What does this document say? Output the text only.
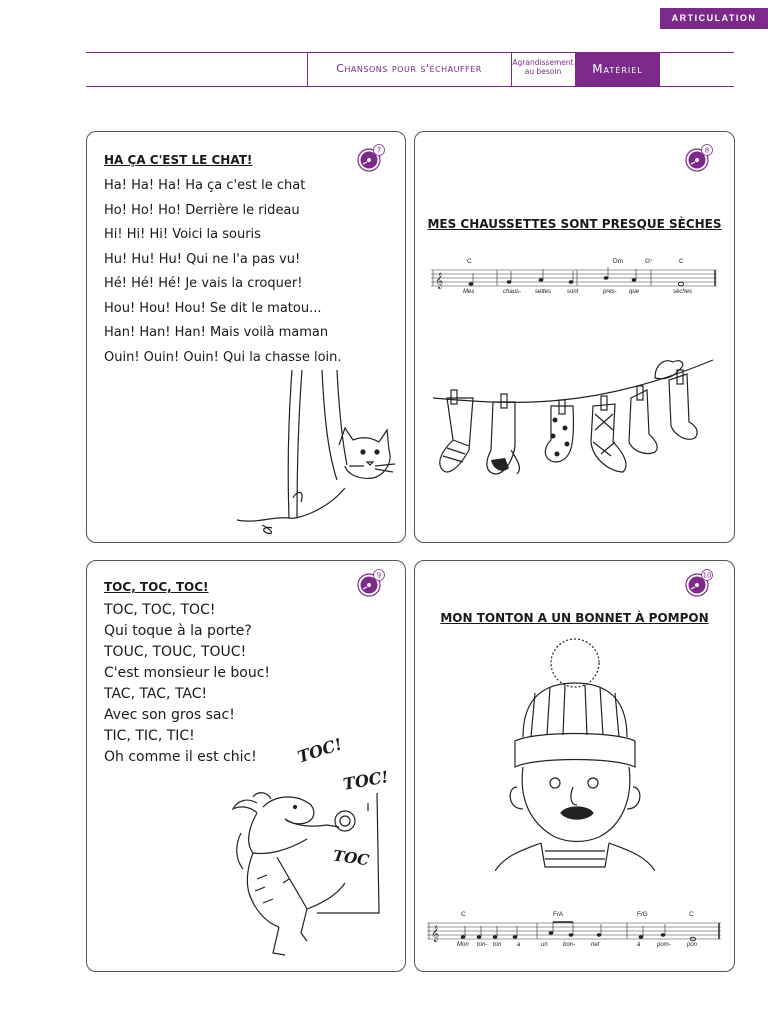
ARTICULATION
Chansons pour s'échauffer	Agrandissement
au besoin	Matériel
7
HA ÇA C'EST LE CHAT!
Ha! Ha! Ha! Ha ça c'est le chat
Ho! Ho! Ho! Derrière le rideau
Hi! Hi! Hi! Voici la souris
Hu! Hu! Hu! Qui ne l'a pas vu!
Hé! Hé! Hé! Je vais la croquer!
Hou! Hou! Hou! Se dit le matou...
Han! Han! Han! Mais voilà maman
Ouin! Ouin! Ouin! Qui la chasse loin.
8
MES CHAUSSETTES SONT PRESQUE SÈCHES
𝄞
C	Dm	G⁷	C
Mes	chaus- settes	sont	pres- que	sèches
9
TOC, TOC, TOC!
TOC, TOC, TOC!
Qui toque à la porte?
TOUC, TOUC, TOUC!
C'est monsieur le bouc!
TAC, TAC, TAC!
Avec son gros sac!
TIC, TIC, TIC!
Oh comme il est chic!	TOC!
TOC!
TOC
10
MON TONTON A UN BONNET À POMPON
𝄞
C	F/A	F/G	C
Mon ton- ton	a	un	bon-	net	à	pom-	pon
